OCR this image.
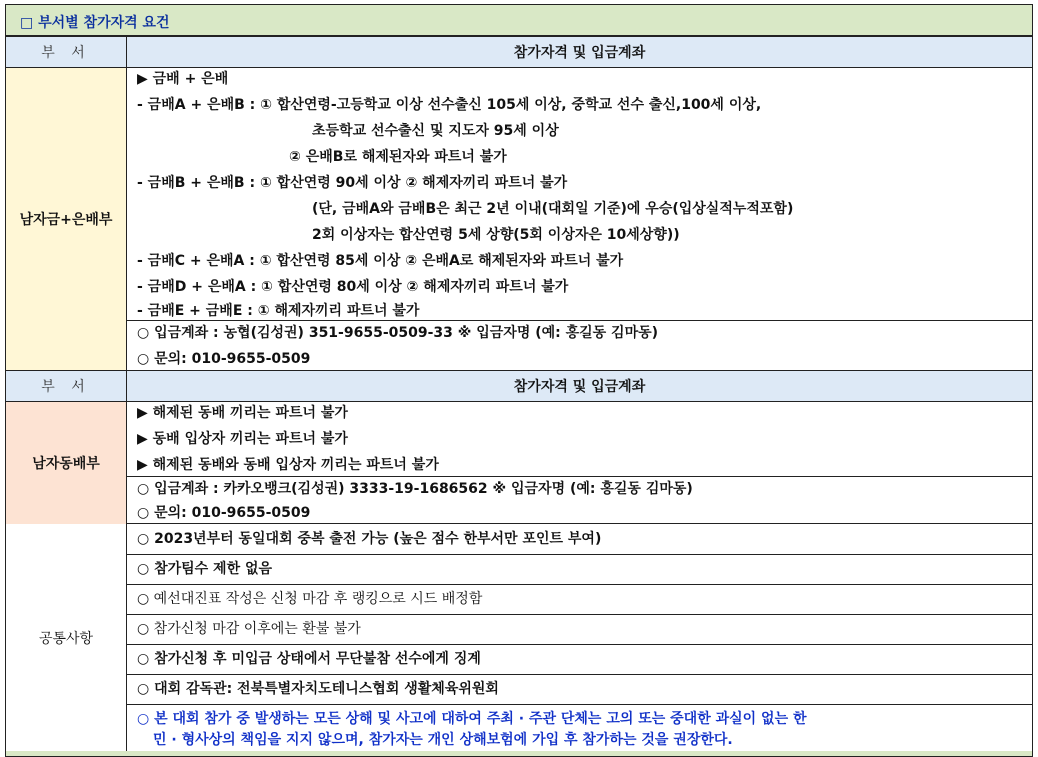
□ 부서별 참가자격 요건
부 서	참가자격 및 입금계좌
남자금+은배부
▶ 금배 + 은배
- 금배A + 은배B : ① 합산연령-고등학교 이상 선수출신 105세 이상, 중학교 선수 출신,100세 이상,
초등학교 선수출신 및 지도자 95세 이상
② 은배B로 해제된자와 파트너 불가
- 금배B + 은배B : ① 합산연령 90세 이상 ② 해제자끼리 파트너 불가
(단, 금배A와 금배B은 최근 2년 이내(대회일 기준)에 우승(입상실적누적포함)
2회 이상자는 합산연령 5세 상향(5회 이상자은 10세상향))
- 금배C + 은배A : ① 합산연령 85세 이상 ② 은배A로 해제된자와 파트너 불가
- 금배D + 은배A : ① 합산연령 80세 이상 ② 해제자끼리 파트너 불가
- 금배E + 금배E : ① 해제자끼리 파트너 불가
○ 입금계좌 : 농협(김성권) 351-9655-0509-33 ※ 입금자명 (예: 홍길동 김마동)
○ 문의: 010-9655-0509
부 서	참가자격 및 입금계좌
남자동배부
▶ 해제된 동배 끼리는 파트너 불가
▶ 동배 입상자 끼리는 파트너 불가
▶ 해제된 동배와 동배 입상자 끼리는 파트너 불가
○ 입금계좌 : 카카오뱅크(김성권) 3333-19-1686562 ※ 입금자명 (예: 홍길동 김마동)
○ 문의: 010-9655-0509
공통사항
○ 2023년부터 동일대회 중복 출전 가능 (높은 점수 한부서만 포인트 부여)
○ 참가팀수 제한 없음
○ 예선대진표 작성은 신청 마감 후 랭킹으로 시드 배정함
○ 참가신청 마감 이후에는 환불 불가
○ 참가신청 후 미입금 상태에서 무단불참 선수에게 징계
○ 대회 감독관: 전북특별자치도테니스협회 생활체육위원회
○ 본 대회 참가 중 발생하는 모든 상해 및 사고에 대하여 주최 · 주관 단체는 고의 또는 중대한 과실이 없는 한
민 · 형사상의 책임을 지지 않으며, 참가자는 개인 상해보험에 가입 후 참가하는 것을 권장한다.
